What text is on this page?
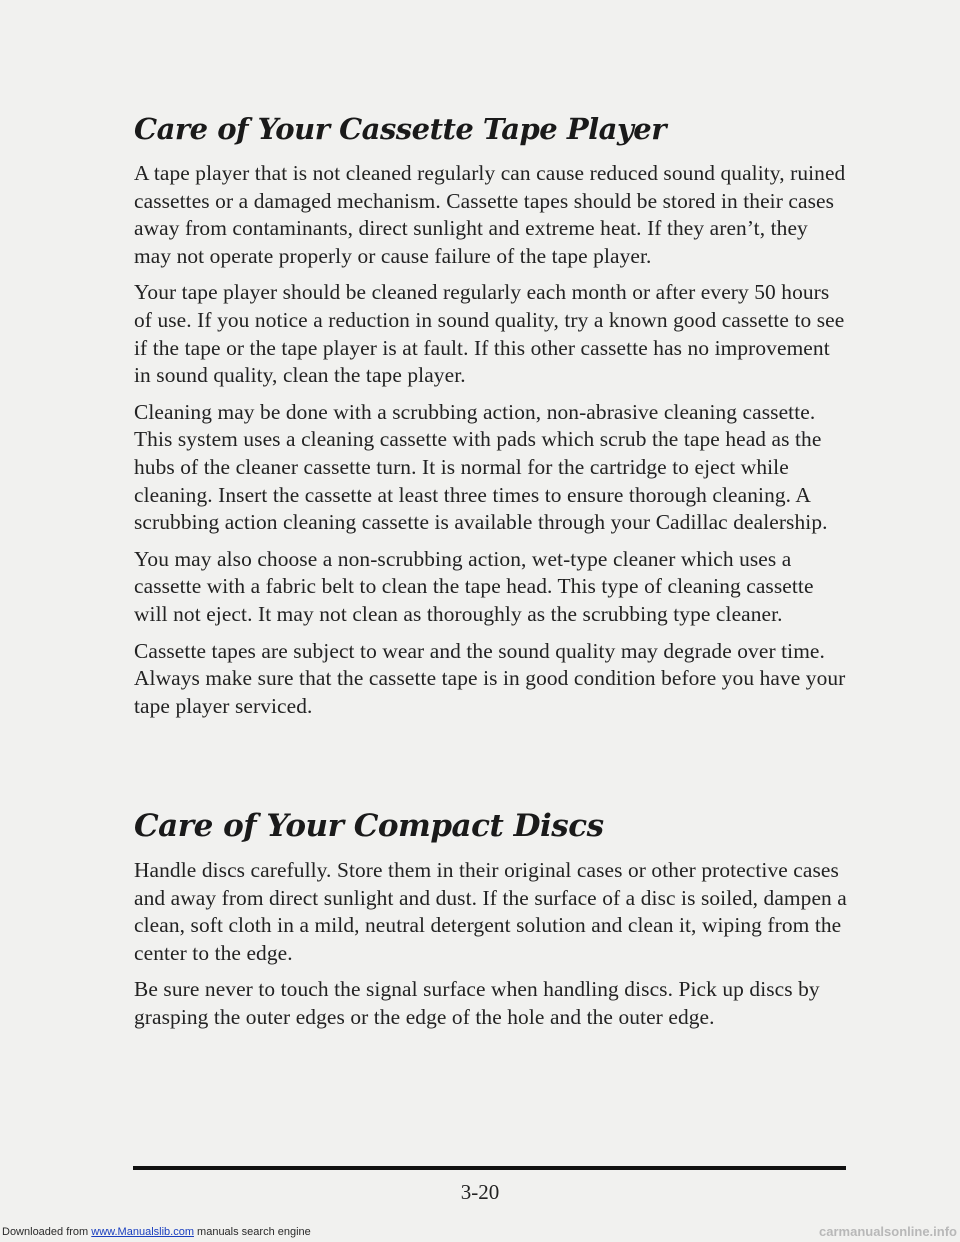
Care of Your Cassette Tape Player

A tape player that is not cleaned regularly can cause reduced sound quality, ruined cassettes or a damaged mechanism. Cassette tapes should be stored in their cases away from contaminants, direct sunlight and extreme heat. If they aren’t, they may not operate properly or cause failure of the tape player.

Your tape player should be cleaned regularly each month or after every 50 hours of use. If you notice a reduction in sound quality, try a known good cassette to see if the tape or the tape player is at fault. If this other cassette has no improvement in sound quality, clean the tape player.

Cleaning may be done with a scrubbing action, non-abrasive cleaning cassette. This system uses a cleaning cassette with pads which scrub the tape head as the hubs of the cleaner cassette turn. It is normal for the cartridge to eject while cleaning. Insert the cassette at least three times to ensure thorough cleaning. A scrubbing action cleaning cassette is available through your Cadillac dealership.

You may also choose a non-scrubbing action, wet-type cleaner which uses a cassette with a fabric belt to clean the tape head. This type of cleaning cassette will not eject. It may not clean as thoroughly as the scrubbing type cleaner.

Cassette tapes are subject to wear and the sound quality may degrade over time. Always make sure that the cassette tape is in good condition before you have your tape player serviced.

Care of Your Compact Discs

Handle discs carefully. Store them in their original cases or other protective cases and away from direct sunlight and dust. If the surface of a disc is soiled, dampen a clean, soft cloth in a mild, neutral detergent solution and clean it, wiping from the center to the edge.

Be sure never to touch the signal surface when handling discs. Pick up discs by grasping the outer edges or the edge of the hole and the outer edge.

3-20
Downloaded from www.Manualslib.com manuals search engine	carmanualsonline.info
